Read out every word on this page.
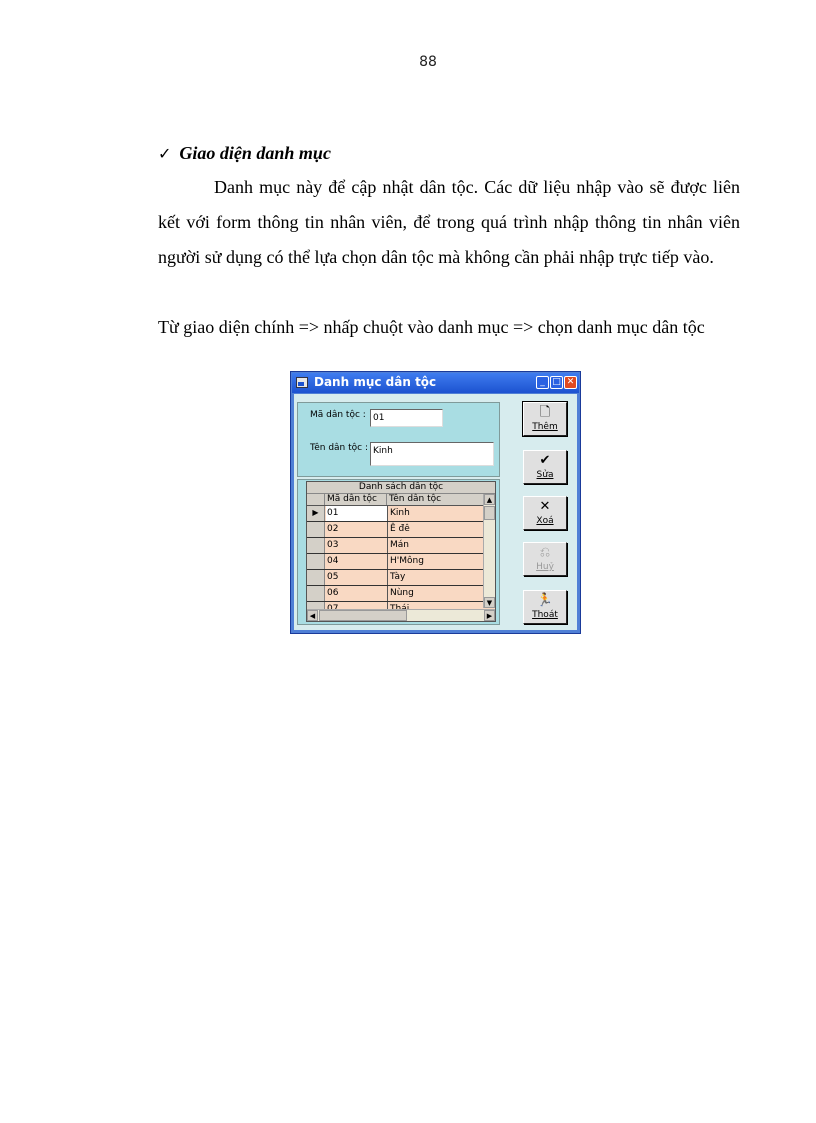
88
✓ Giao diện danh mục
Danh mục này để cập nhật dân tộc. Các dữ liệu nhập vào sẽ được liên kết với form thông tin nhân viên, để trong quá trình nhập thông tin nhân viên người sử dụng có thể lựa chọn dân tộc mà không cần phải nhập trực tiếp vào.
Từ giao diện chính => nhấp chuột vào danh mục => chọn danh mục dân tộc
Danh mục dân tộc	_ □ ✕
Mã dân tộc : 01
Tên dân tộc : Kinh
Danh sách dân tộc
Mã dân tộc	Tên dân tộc
▶ 01	Kinh
02	Ê đê
03	Mán
04	H'Mông
05	Tày
06	Nùng
▲
▼
◀	▶
🗋
Thêm
✔
Sửa
✕
Xoá
⎌
Huỷ
🏃
Thoát
